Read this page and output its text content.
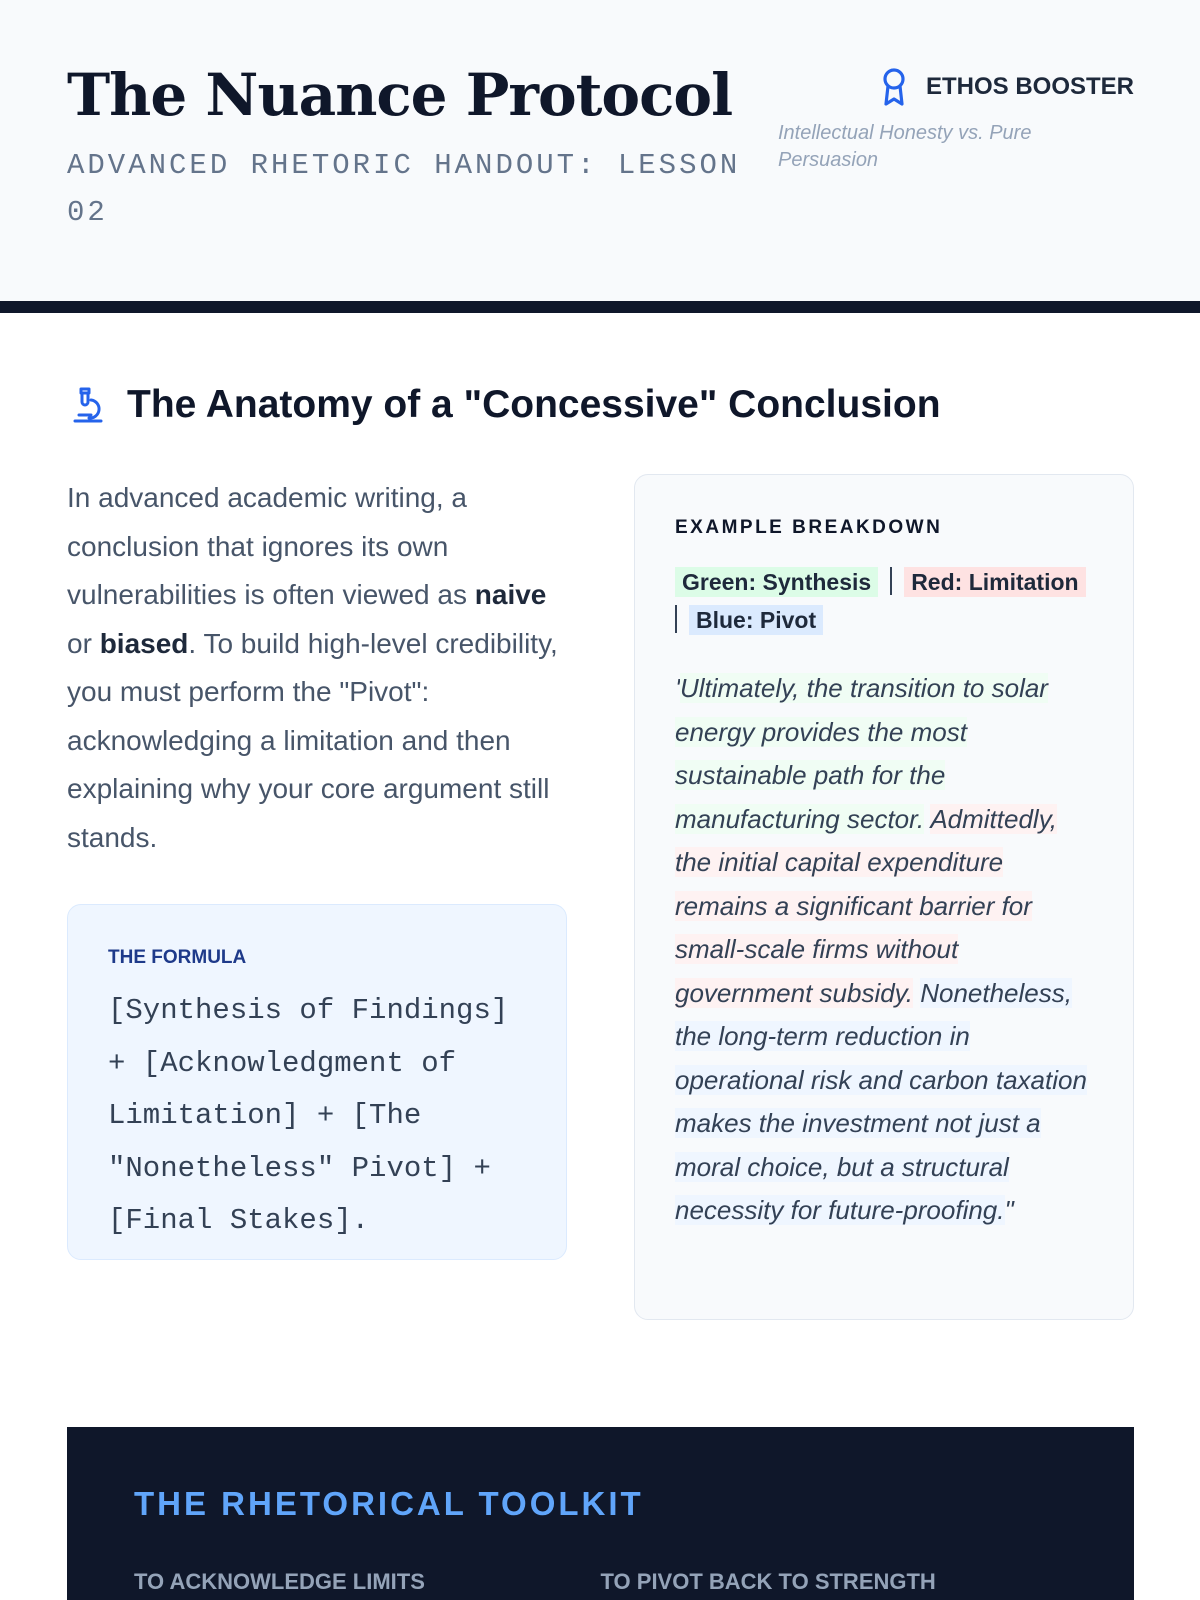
The Nuance Protocol
ADVANCED RHETORIC HANDOUT: LESSON 02
ETHOS BOOSTER
Intellectual Honesty vs. Pure Persuasion
The Anatomy of a "Concessive" Conclusion

In advanced academic writing, a conclusion that ignores its own vulnerabilities is often viewed as naive or biased. To build high-level credibility, you must perform the "Pivot": acknowledging a limitation and then explaining why your core argument still stands.

THE FORMULA
[Synthesis of Findings] + [Acknowledgment of Limitation] + [The "Nonetheless" Pivot] + [Final Stakes].
EXAMPLE BREAKDOWN
Green: Synthesis Red: Limitation
Blue: Pivot

'Ultimately, the transition to solar energy provides the most sustainable path for the manufacturing sector. Admittedly, the initial capital expenditure remains a significant barrier for small-scale firms without government subsidy. Nonetheless, the long-term reduction in operational risk and carbon taxation makes the investment not just a moral choice, but a structural necessity for future-proofing."

THE RHETORICAL TOOLKIT
TO ACKNOWLEDGE LIMITS	TO PIVOT BACK TO STRENGTH
